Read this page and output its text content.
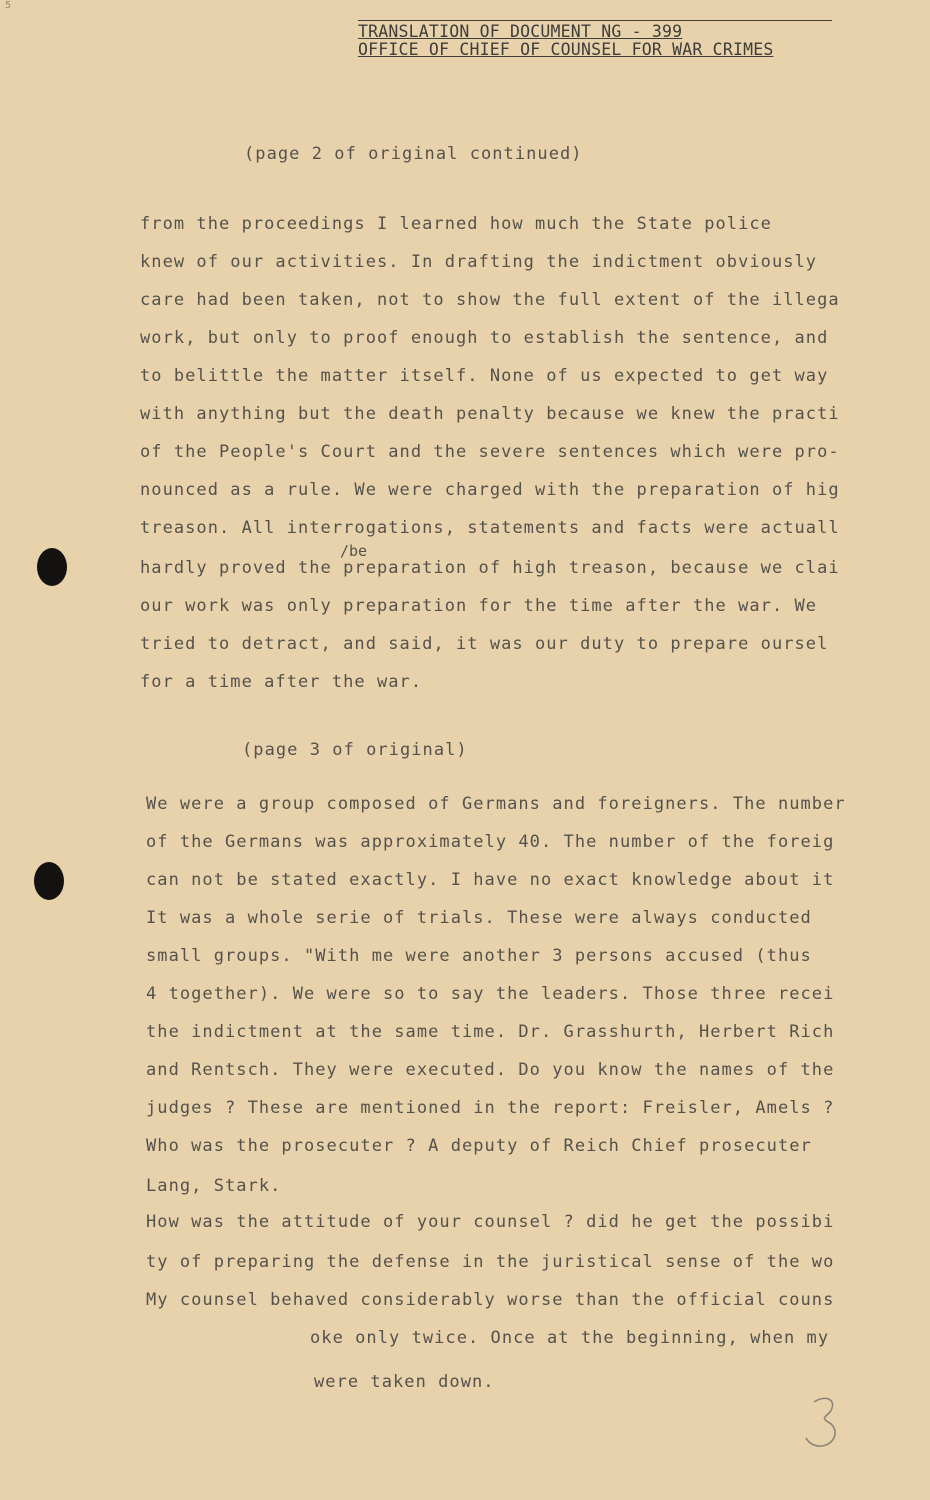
5
TRANSLATION OF DOCUMENT NG - 399
OFFICE OF CHIEF OF COUNSEL FOR WAR CRIMES
(page 2 of original continued)
from the proceedings I learned how much the State police
knew of our activities. In drafting the indictment obviously
care had been taken, not to show the full extent of the illega
work, but only to proof enough to establish the sentence, and
to belittle the matter itself. None of us expected to get way
with anything but the death penalty because we knew the practi
of the People's Court and the severe sentences which were pro-
nounced as a rule. We were charged with the preparation of hig
treason. All interrogations, statements and facts were actuall
/be
hardly proved the preparation of high treason, because we clai
our work was only preparation for the time after the war. We
tried to detract, and said, it was our duty to prepare oursel
for a time after the war.
(page 3 of original)
We were a group composed of Germans and foreigners. The number
of the Germans was approximately 40. The number of the foreig
can not be stated exactly. I have no exact knowledge about it
It was a whole serie of trials. These were always conducted
small groups. "With me were another 3 persons accused (thus
4 together). We were so to say the leaders. Those three recei
the indictment at the same time. Dr. Grasshurth, Herbert Rich
and Rentsch. They were executed. Do you know the names of the
judges ? These are mentioned in the report: Freisler, Amels ?
Who was the prosecuter ? A deputy of Reich Chief prosecuter
Lang, Stark.
How was the attitude of your counsel ? did he get the possibi
ty of preparing the defense in the juristical sense of the wo
My counsel behaved considerably worse than the official couns
oke only twice. Once at the beginning, when my
were taken down.
